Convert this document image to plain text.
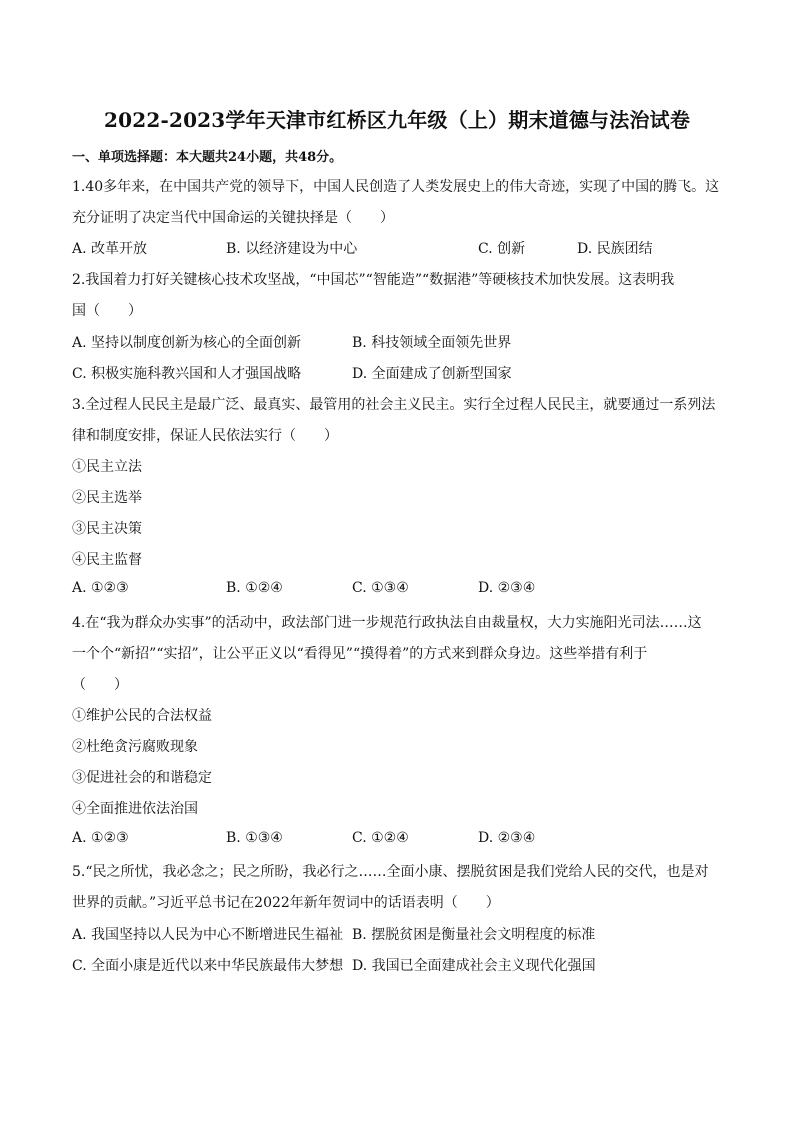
2022-2023学年天津市红桥区九年级（上）期末道德与法治试卷
一、单项选择题：本大题共24小题，共48分。
1.40多年来，在中国共产党的领导下，中国人民创造了人类发展史上的伟大奇迹，实现了中国的腾飞。这
充分证明了决定当代中国命运的关键抉择是（　　）
A. 改革开放	B. 以经济建设为中心	C. 创新	D. 民族团结
2.我国着力打好关键核心技术攻坚战，“中国芯”“智能造”“数据港”等硬核技术加快发展。这表明我
国（　　）
A. 坚持以制度创新为核心的全面创新	B. 科技领域全面领先世界
C. 积极实施科教兴国和人才强国战略	D. 全面建成了创新型国家
3.全过程人民民主是最广泛、最真实、最管用的社会主义民主。实行全过程人民民主，就要通过一系列法
律和制度安排，保证人民依法实行（　　）
①民主立法
②民主选举
③民主决策
④民主监督
A. ①②③	B. ①②④	C. ①③④	D. ②③④
4.在“我为群众办实事”的活动中，政法部门进一步规范行政执法自由裁量权，大力实施阳光司法……这
一个个“新招”“实招”，让公平正义以“看得见”“摸得着”的方式来到群众身边。这些举措有利于
（　　）
①维护公民的合法权益
②杜绝贪污腐败现象
③促进社会的和谐稳定
④全面推进依法治国
A. ①②③	B. ①③④	C. ①②④	D. ②③④
5.“民之所忧，我必念之；民之所盼，我必行之……全面小康、摆脱贫困是我们党给人民的交代，也是对
世界的贡献。”习近平总书记在2022年新年贺词中的话语表明（　　）
A. 我国坚持以人民为中心不断增进民生福祉 B. 摆脱贫困是衡量社会文明程度的标准
C. 全面小康是近代以来中华民族最伟大梦想 D. 我国已全面建成社会主义现代化强国
